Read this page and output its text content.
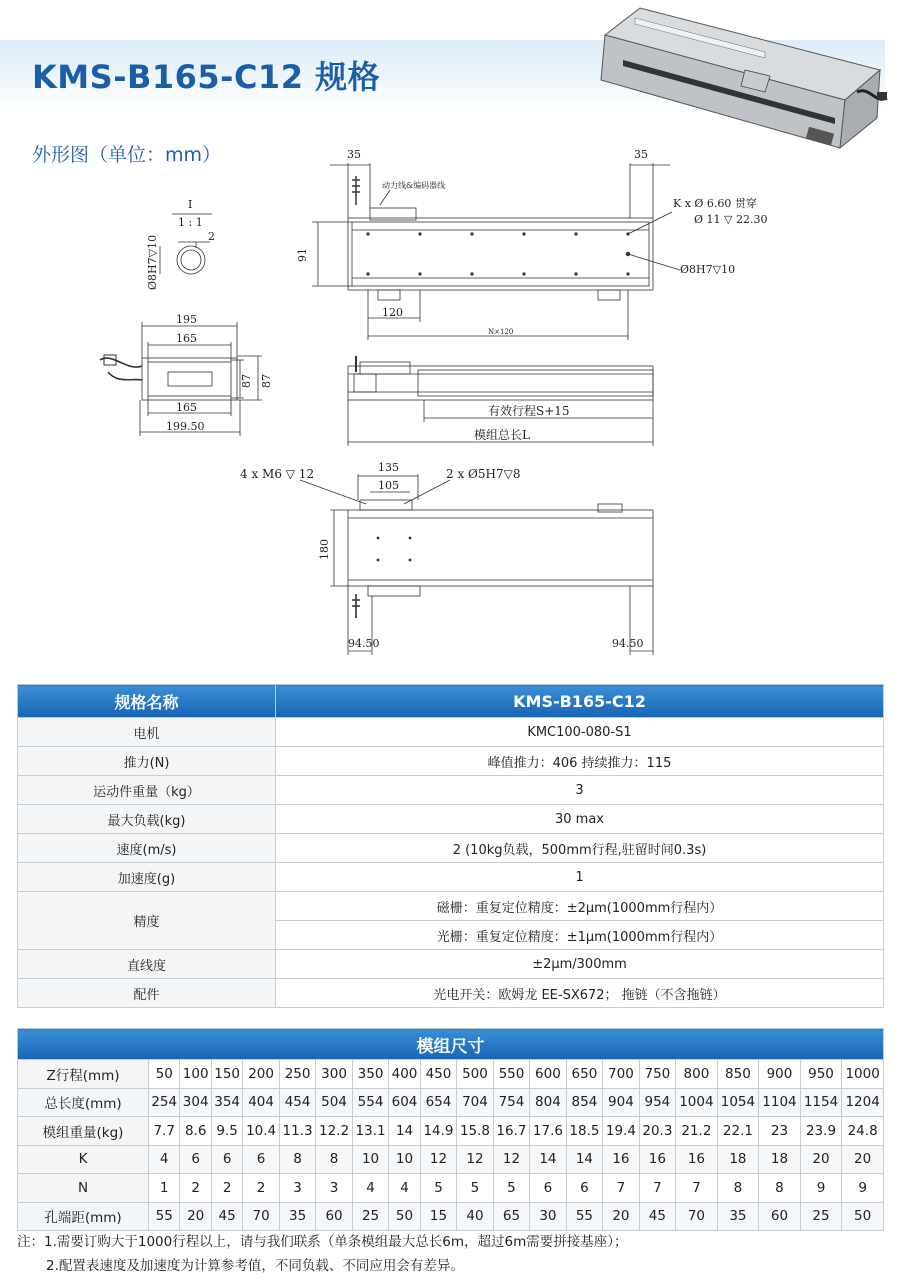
KMS-B165-C12 规格
外形图（单位：mm）	35	35
动力线&编码器线
K x Ø 6.60 贯穿
Ø 11 ▽ 22.30
Ø8H7▽10
91
120
N×120
I
1 : 1
2
Ø8H7▽10
195
165
165
199.50
87 87
有效行程S+15
模组总长L
4 x M6 ▽ 12	135
105
2 x Ø5H7▽8
180
94.50	94.50
规格名称	KMS-B165-C12
电机	KMC100-080-S1
推力(N)	峰值推力：406 持续推力：115
运动件重量（kg）	3
最大负载(kg)	30 max
速度(m/s)	2 (10kg负载，500mm行程,驻留时间0.3s)
加速度(g)	1
精度	磁栅：重复定位精度：±2μm(1000mm行程内）
	光栅：重复定位精度：±1μm(1000mm行程内）
直线度	±2μm/300mm
配件	光电开关：欧姆龙 EE-SX672； 拖链（不含拖链）
模组尺寸																				
Z行程(mm)	50	100	150	200	250	300	350	400	450	500	550	600	650	700	750	800	850	900	950	1000
总长度(mm)	254	304	354	404	454	504	554	604	654	704	754	804	854	904	954	1004	1054	1104	1154	1204
模组重量(kg)	7.7	8.6	9.5	10.4	11.3	12.2	13.1	14	14.9	15.8	16.7	17.6	18.5	19.4	20.3	21.2	22.1	23	23.9	24.8
K	4	6	6	6	8	8	10	10	12	12	12	14	14	16	16	16	18	18	20	20
N	1	2	2	2	3	3	4	4	5	5	5	6	6	7	7	7	8	8	9	9
孔端距(mm)	55	20	45	70	35	60	25	50	15	40	65	30	55	20	45	70	35	60	25	50
注：1.需要订购大于1000行程以上，请与我们联系（单条模组最大总长6m，超过6m需要拼接基座）；
2.配置表速度及加速度为计算参考值，不同负载、不同应用会有差异。
